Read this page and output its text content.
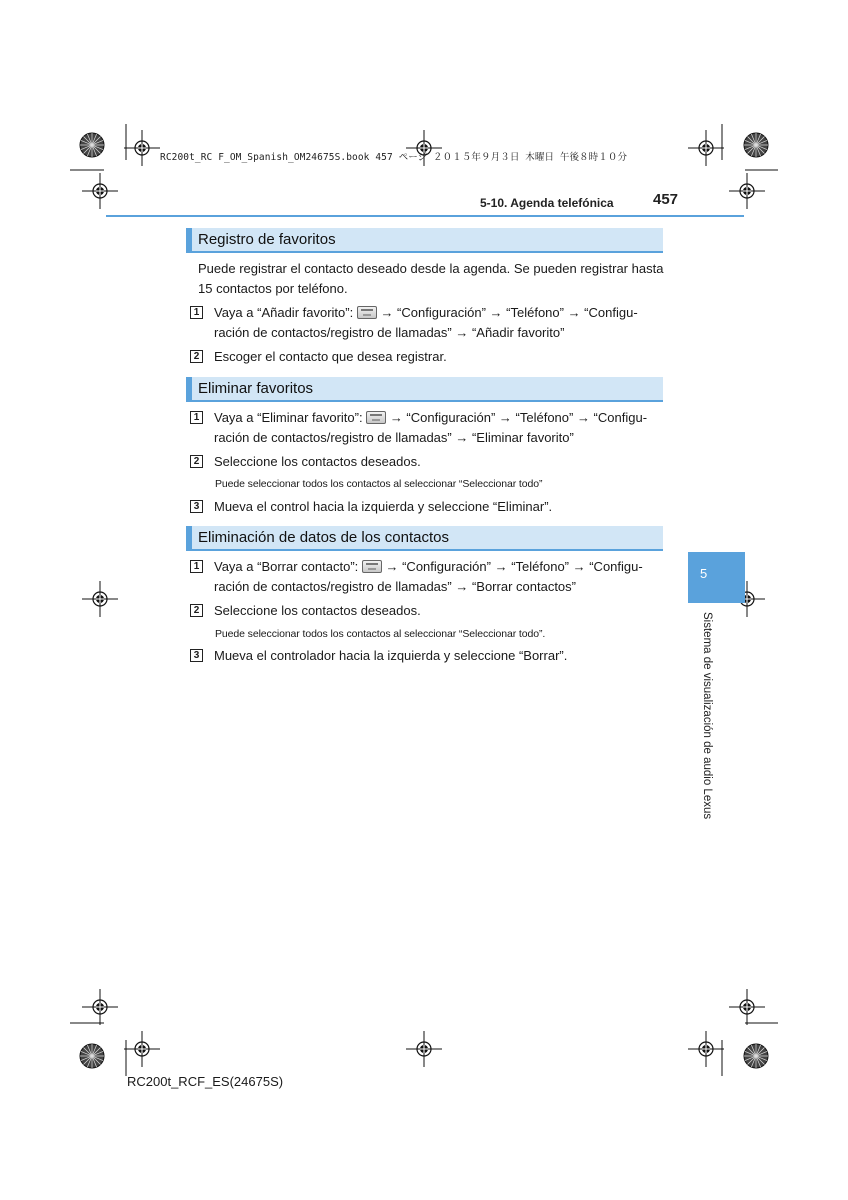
RC200t_RC F_OM_Spanish_OM24675S.book 457 ページ ２０１５年９月３日 木曜日 午後８時１０分
5-10. Agenda telefónica	457
5
Sistema de visualización de audio Lexus
Registro de favoritos
Puede registrar el contacto deseado desde la agenda. Se pueden registrar hasta 15 contactos por teléfono.
1 Vaya a “Añadir favorito”:  → “Configuración” → “Teléfono” → “Configu-
ración de contactos/registro de llamadas” → “Añadir favorito”
2 Escoger el contacto que desea registrar.
Eliminar favoritos
1 Vaya a “Eliminar favorito”:  → “Configuración” → “Teléfono” → “Configu-
ración de contactos/registro de llamadas” → “Eliminar favorito”
2 Seleccione los contactos deseados.
Puede seleccionar todos los contactos al seleccionar “Seleccionar todo”
3 Mueva el control hacia la izquierda y seleccione “Eliminar”.
Eliminación de datos de los contactos
1 Vaya a “Borrar contacto”:  → “Configuración” → “Teléfono” → “Configu-
ración de contactos/registro de llamadas” → “Borrar contactos”
2 Seleccione los contactos deseados.
Puede seleccionar todos los contactos al seleccionar “Seleccionar todo”.
3 Mueva el controlador hacia la izquierda y seleccione “Borrar”.
RC200t_RCF_ES(24675S)
